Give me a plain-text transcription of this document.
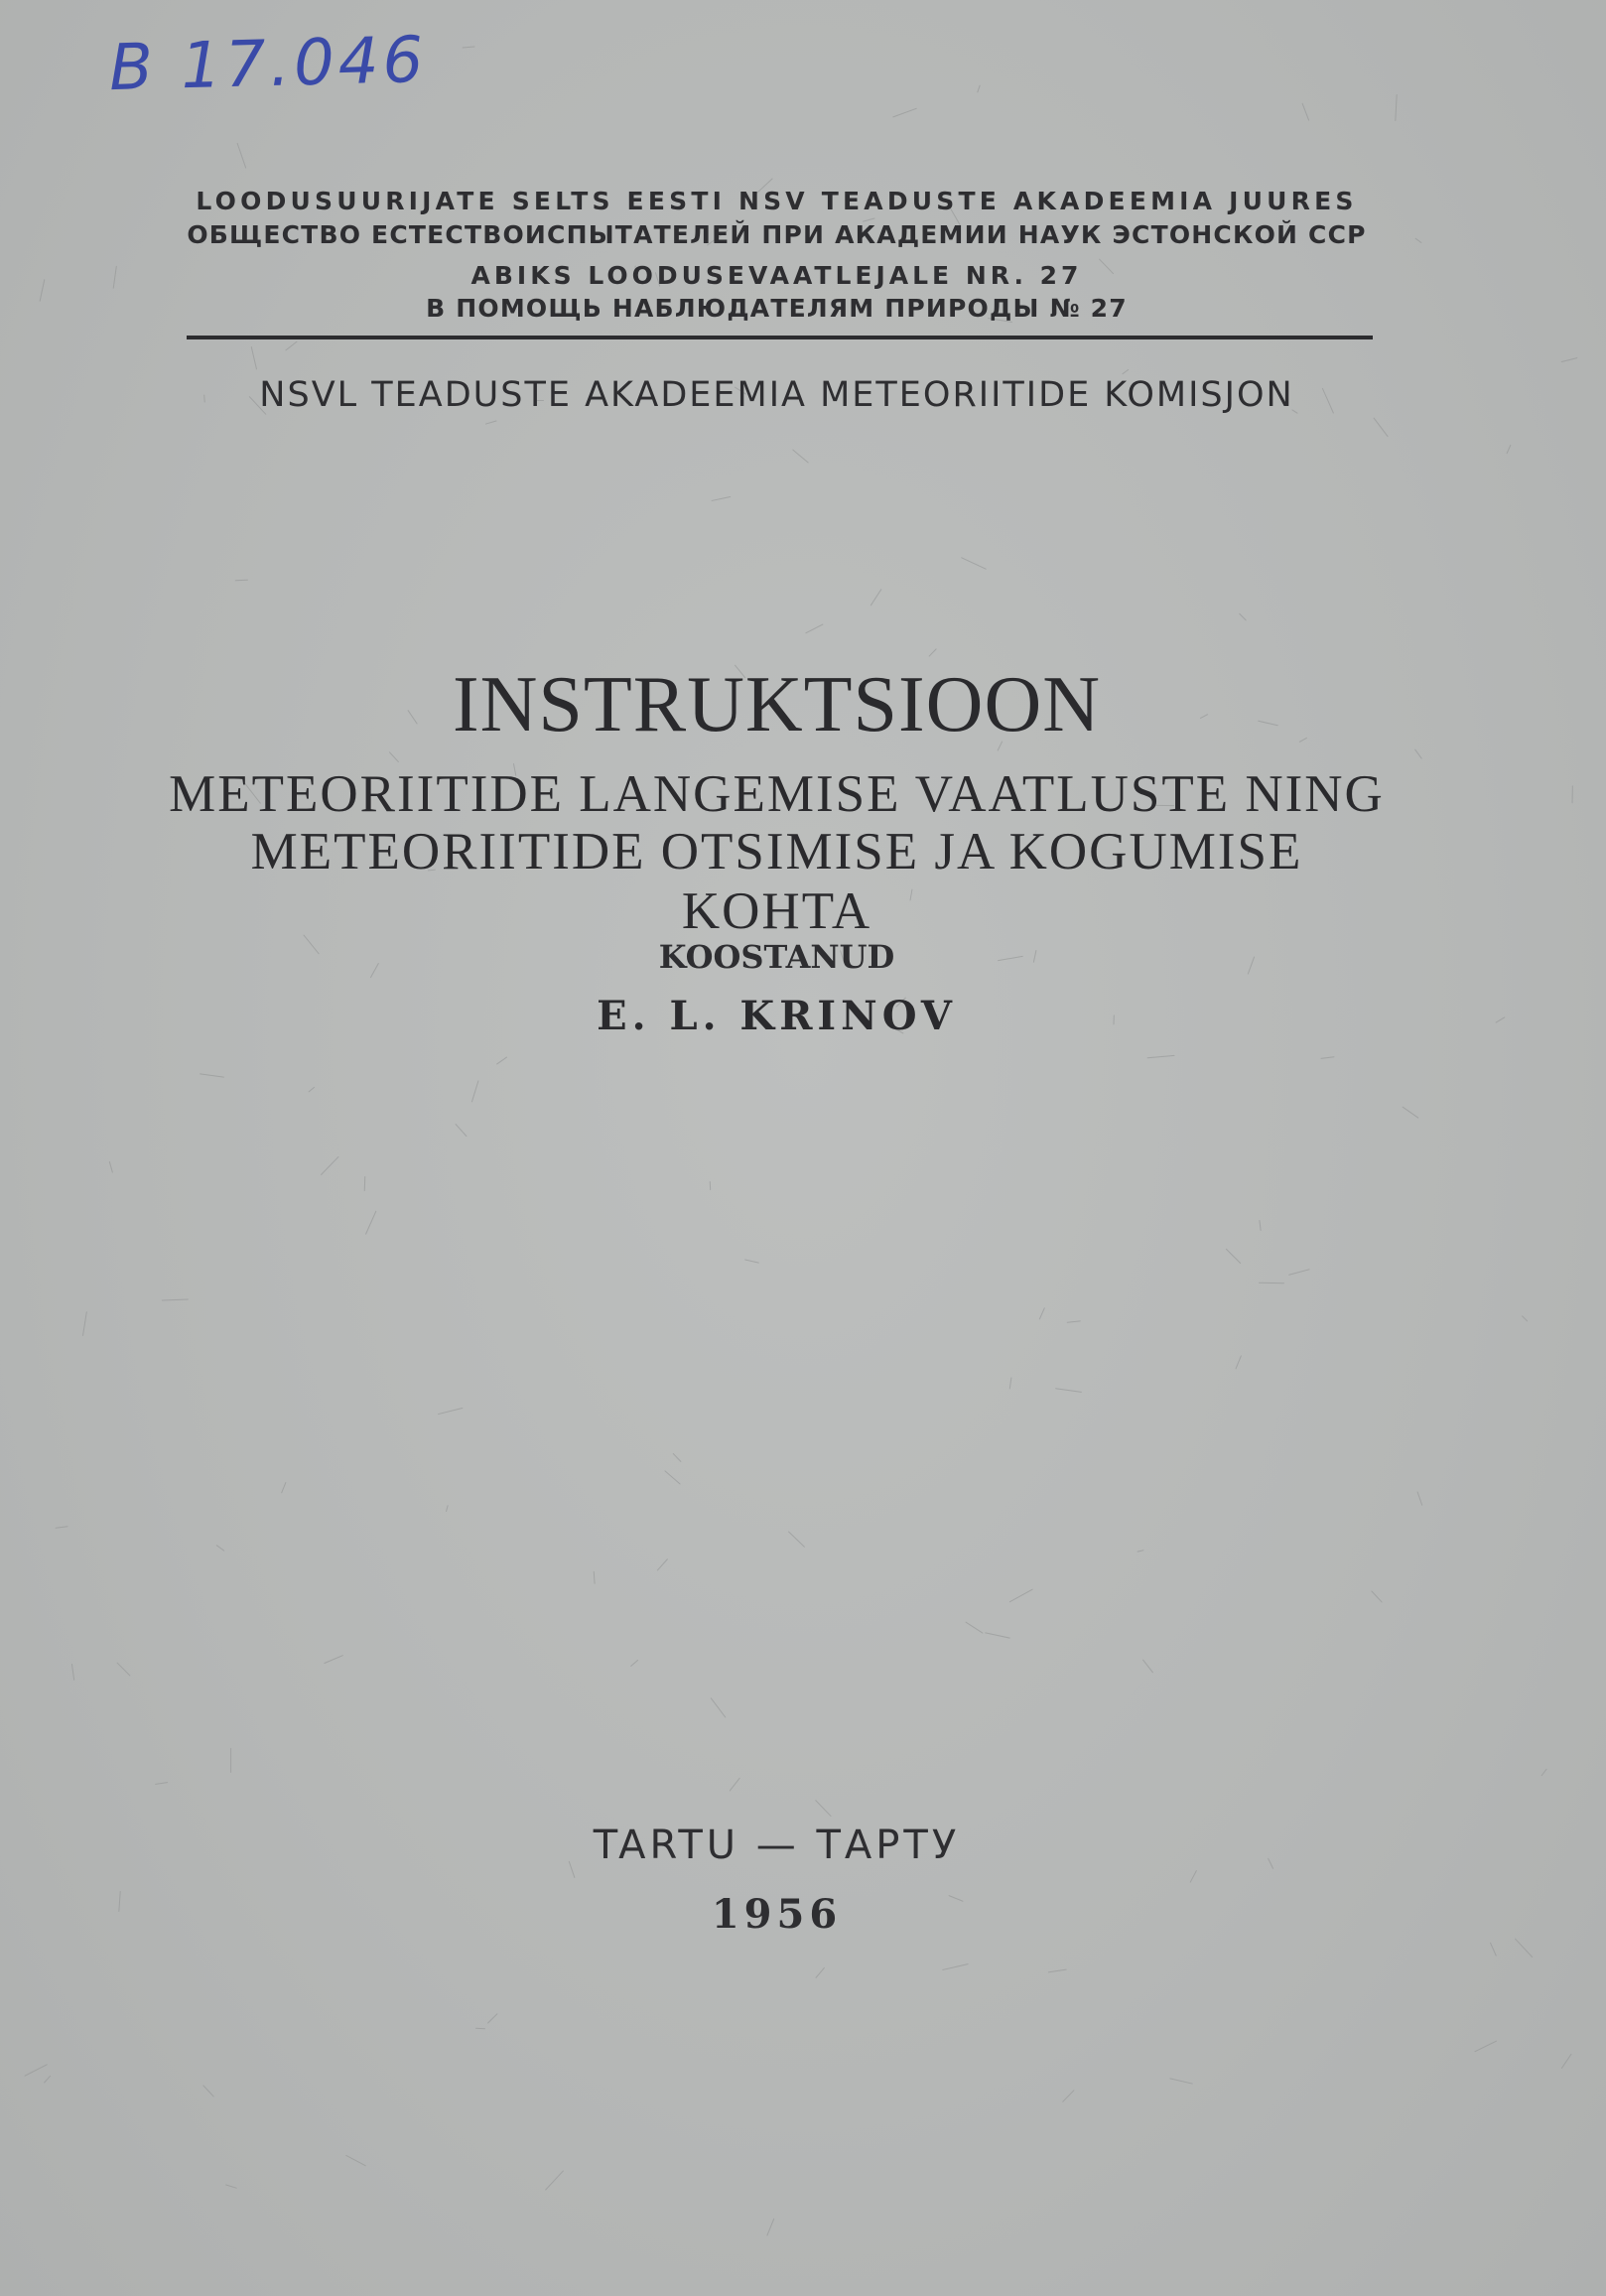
B 17.046
LOODUSUURIJATE SELTS EESTI NSV TEADUSTE AKADEEMIA JUURES
ОБЩЕСТВО ЕСТЕСТВОИСПЫТАТЕЛЕЙ ПРИ АКАДЕМИИ НАУК ЭСТОНСКОЙ ССР
ABIKS LOODUSEVAATLEJALE NR. 27
В ПОМОЩЬ НАБЛЮДАТЕЛЯМ ПРИРОДЫ № 27
NSVL TEADUSTE AKADEEMIA METEORIITIDE KOMISJON
INSTRUKTSIOON
METEORIITIDE LANGEMISE VAATLUSTE NING
METEORIITIDE OTSIMISE JA KOGUMISE KOHTA
KOOSTANUD
E. L. KRINOV
TARTU — ТАРТУ
1956
